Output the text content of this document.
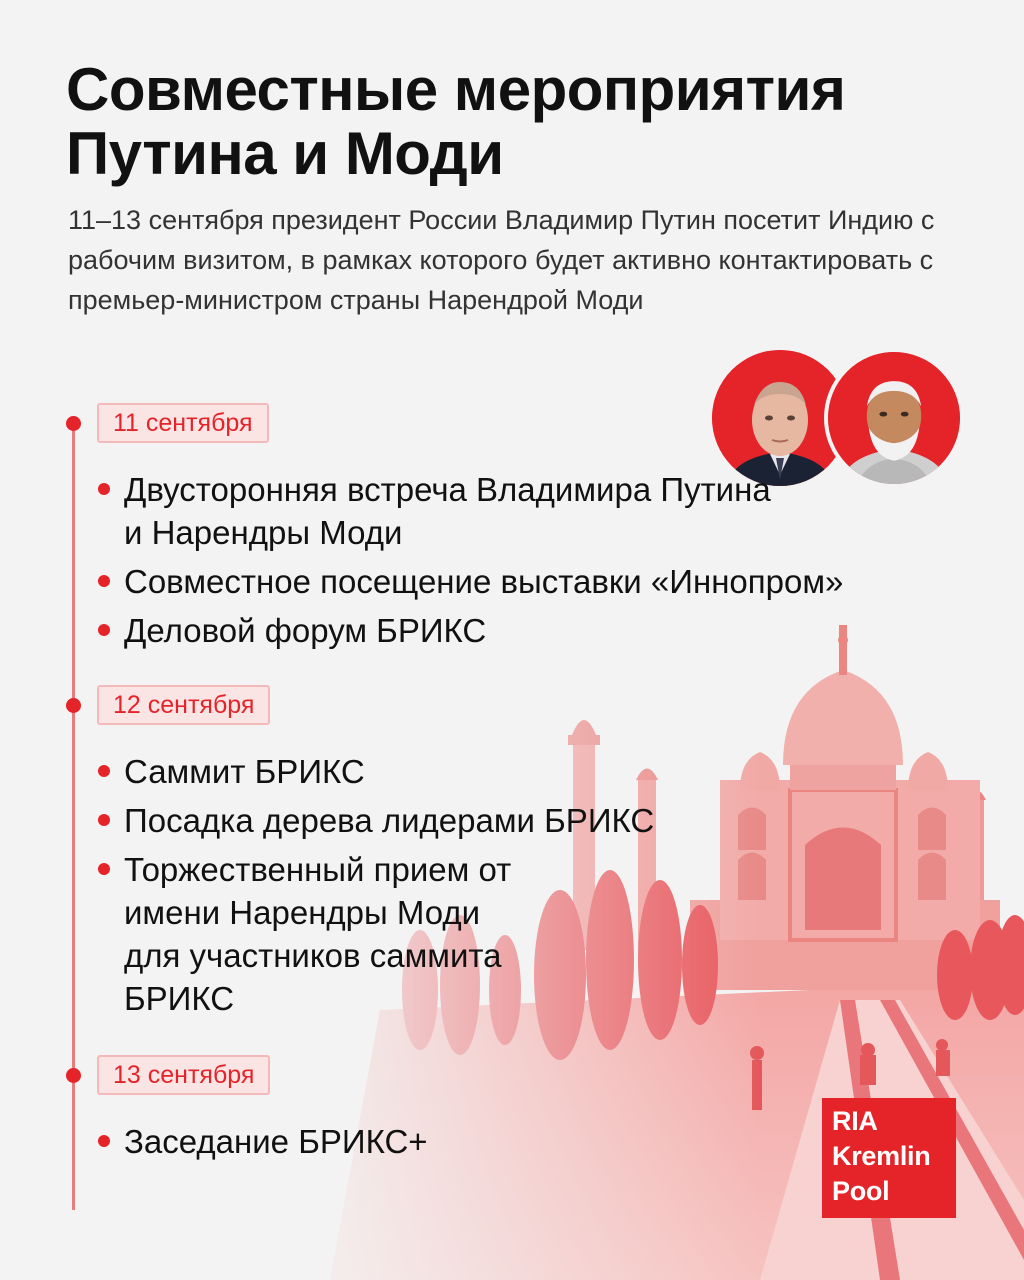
Совместные мероприятия Путина и Моди

11–13 сентября президент России Владимир Путин посетит Индию с рабочим визитом, в рамках которого будет активно контактировать с премьер-министром страны Нарендрой Моди

11 сентября
Двусторонняя встреча Владимира Путина и Нарендры Моди
Совместное посещение выставки «Иннопром»
Деловой форум БРИКС
12 сентября
Саммит БРИКС
Посадка дерева лидерами БРИКС
Торжественный прием от имени Нарендры Моди для участников саммита БРИКС
13 сентября
Заседание БРИКС+
RIA
Kremlin
Pool
